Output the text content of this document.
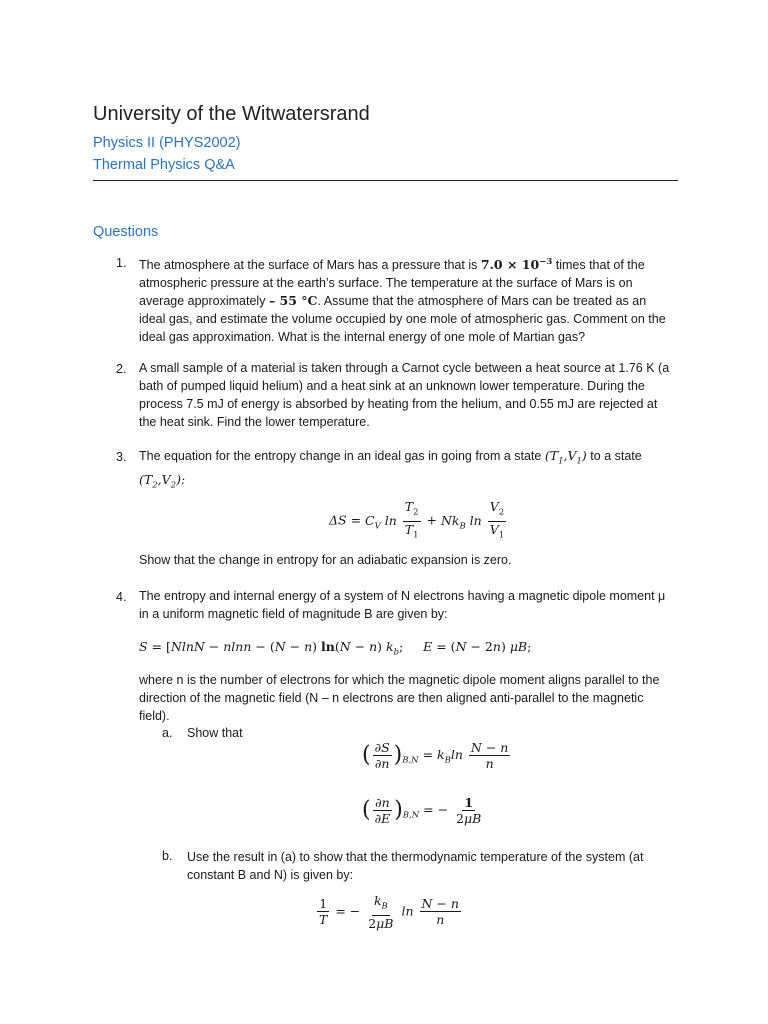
University of the Witwatersrand
Physics II (PHYS2002)
Thermal Physics Q&A
Questions
1. The atmosphere at the surface of Mars has a pressure that is $7.0 \times 10^{-3}$ times that of the atmospheric pressure at the earth’s surface. The temperature at the surface of Mars is on average approximately – 55 °C. Assume that the atmosphere of Mars can be treated as an ideal gas, and estimate the volume occupied by one mole of atmospheric gas. Comment on the ideal gas approximation. What is the internal energy of one mole of Martian gas?
2. A small sample of a material is taken through a Carnot cycle between a heat source at 1.76 K (a bath of pumped liquid helium) and a heat sink at an unknown lower temperature. During the process 7.5 mJ of energy is absorbed by heating from the helium, and 0.55 mJ are rejected at the heat sink. Find the lower temperature.
3. The equation for the entropy change in an ideal gas in going from a state $(T_1,V_1)$ to a state $(T_2,V_2)$:
$\Delta S = C_V$ $\ln \frac{T_2}{T_1} + Nk_B$ $\ln \frac{V_2}{V_1}$
Show that the change in entropy for an adiabatic expansion is zero.
4. The entropy and internal energy of a system of N electrons having a magnetic dipole moment μ in a uniform magnetic field of magnitude B are given by:
S = [NlnN − nlnn − (N − n) ln(N − n) $k_b$;     E = (N − 2n) μB;
where n is the number of electrons for which the magnetic dipole moment aligns parallel to the direction of the magnetic field (N – n electrons are then aligned anti-parallel to the magnetic field).
a. Show that
( $\frac{\partial S}{\partial n} )_{B,N} = k_B\ln \frac{N - n}{n}$
( $\frac{\partial n}{\partial E} )_{B,N}$ = − $\frac{1}{2\mu B}$
b. Use the result in (a) to show that the thermodynamic temperature of the system (at constant B and N) is given by:
$\frac{1}{T}$ = − $\frac{k_B}{2\mu B}$ $\ln \frac{N - n}{n}$
